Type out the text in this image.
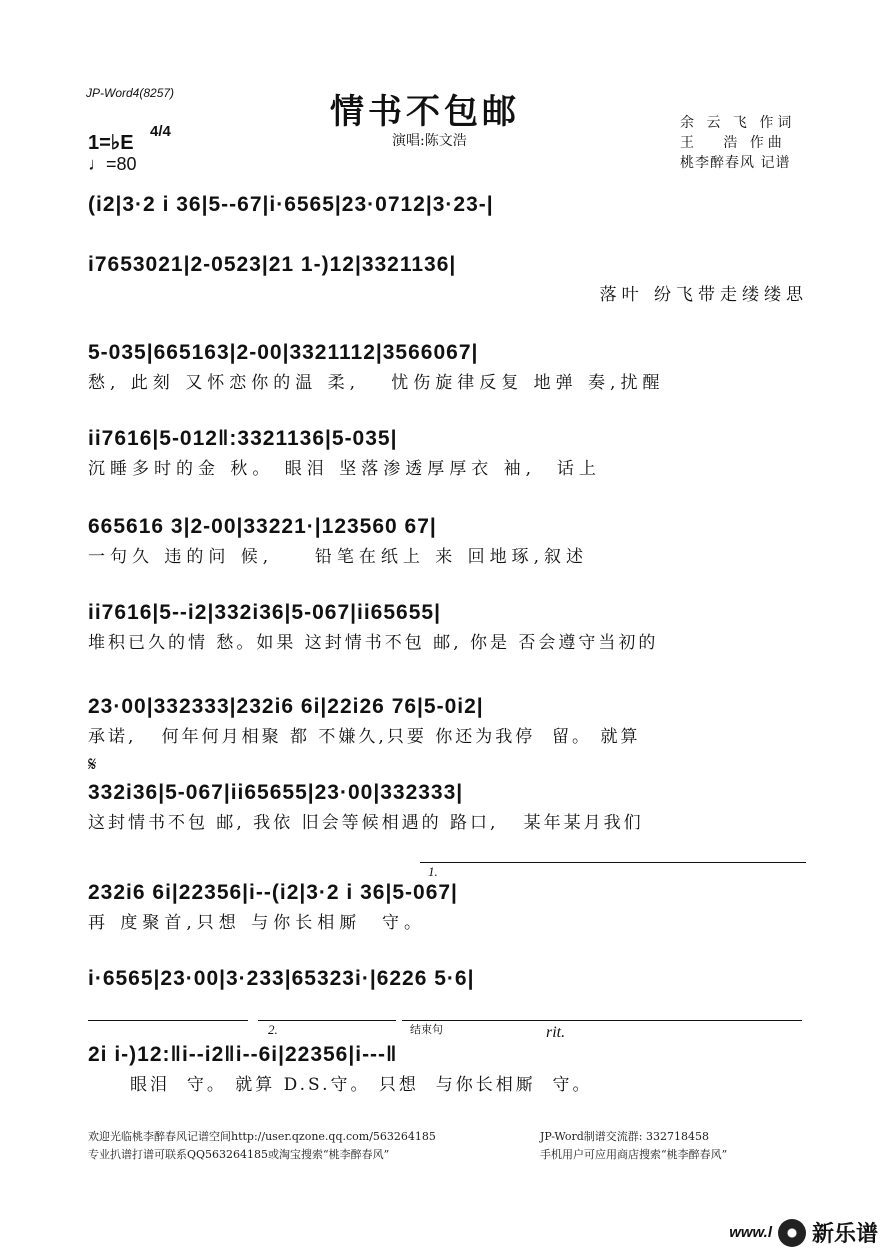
JP-Word4(8257)	情书不包邮
演唱:陈文浩
余 云 飞 作词
王   浩 作曲
桃李醉春风 记谱
1=♭E
4/4
♩=80
(i2|3·2 i 36|5--67|i·6565|23·0712|3·23-|
i7653021|2-0523|21 1-)12|3321136|
落叶 纷飞带走缕缕思
5-035|665163|2-00|3321112|3566067|
愁, 此刻 又怀恋你的温 柔,   忧伤旋律反复 地弹 奏,扰醒
ii7616|5-012‖:3321136|5-035|
沉睡多时的金 秋。 眼泪 坚落渗透厚厚衣 袖,  话上
665616 3|2-00|33221·|123560 67|
一句久 违的问 候,    铅笔在纸上 来 回地琢,叙述
ii7616|5--i2|332i36|5-067|ii65655|
堆积已久的情 愁。如果 这封情书不包 邮, 你是 否会遵守当初的
23·00|332333|232i6 6i|22i26 76|5-0i2|
承诺,   何年何月相聚 都 不嫌久,只要 你还为我停  留。 就算
𝄋
332i36|5-067|ii65655|23·00|332333|
这封情书不包 邮, 我依 旧会等候相遇的 路口,   某年某月我们
1.
232i6 6i|22356|i--(i2|3·2 i 36|5-067|
再 度聚首,只想 与你长相厮  守。
i·6565|23·00|3·233|65323i·|6226 5·6|
2.	结束句	rit.
2i i-)12:‖i--i2‖i--6i|22356|i---‖
眼泪  守。 就算 D.S.守。 只想  与你长相厮  守。
欢迎光临桃李醉春风记谱空间http://user.qzone.qq.com/563264185	JP-Word制谱交流群: 332718458
专业扒谱打谱可联系QQ563264185或淘宝搜索“桃李醉春风”	手机用户可应用商店搜索“桃李醉春风”
www.l 新乐谱
